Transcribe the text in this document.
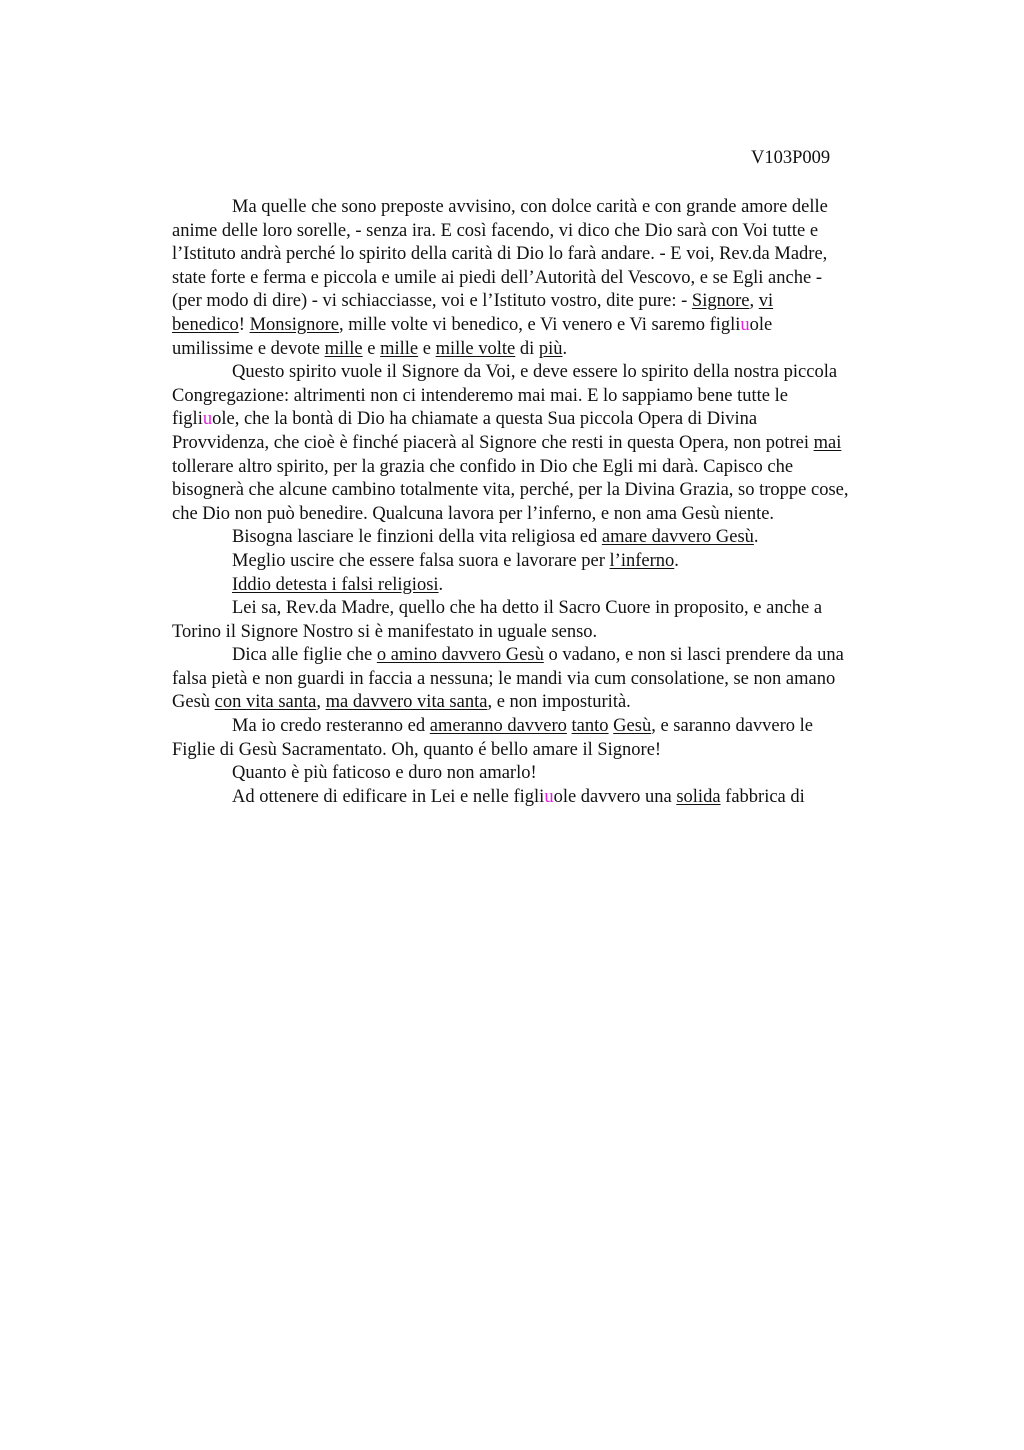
V103P009

Ma quelle che sono preposte avvisino, con dolce carità e con grande amore delle
anime delle loro sorelle, - senza ira. E così facendo, vi dico che Dio sarà con Voi tutte e
l’Istituto andrà perché lo spirito della carità di Dio lo farà andare. - E voi, Rev.da Madre,
state forte e ferma e piccola e umile ai piedi dell’Autorità del Vescovo, e se Egli anche -
(per modo di dire) - vi schiacciasse, voi e l’Istituto vostro, dite pure: - Signore, vi
benedico! Monsignore, mille volte vi benedico, e Vi venero e Vi saremo figliuole
umilissime e devote mille e mille e mille volte di più.

Questo spirito vuole il Signore da Voi, e deve essere lo spirito della nostra piccola
Congregazione: altrimenti non ci intenderemo mai mai. E lo sappiamo bene tutte le
figliuole, che la bontà di Dio ha chiamate a questa Sua piccola Opera di Divina
Provvidenza, che cioè è finché piacerà al Signore che resti in questa Opera, non potrei mai
tollerare altro spirito, per la grazia che confido in Dio che Egli mi darà. Capisco che
bisognerà che alcune cambino totalmente vita, perché, per la Divina Grazia, so troppe cose,
che Dio non può benedire. Qualcuna lavora per l’inferno, e non ama Gesù niente.

Bisogna lasciare le finzioni della vita religiosa ed amare davvero Gesù.

Meglio uscire che essere falsa suora e lavorare per l’inferno.

Iddio detesta i falsi religiosi.

Lei sa, Rev.da Madre, quello che ha detto il Sacro Cuore in proposito, e anche a
Torino il Signore Nostro si è manifestato in uguale senso.

Dica alle figlie che o amino davvero Gesù o vadano, e non si lasci prendere da una
falsa pietà e non guardi in faccia a nessuna; le mandi via cum consolatione, se non amano
Gesù con vita santa, ma davvero vita santa, e non imposturità.

Ma io credo resteranno ed ameranno davvero tanto Gesù, e saranno davvero le
Figlie di Gesù Sacramentato. Oh, quanto é bello amare il Signore!

Quanto è più faticoso e duro non amarlo!

Ad ottenere di edificare in Lei e nelle figliuole davvero una solida fabbrica di
